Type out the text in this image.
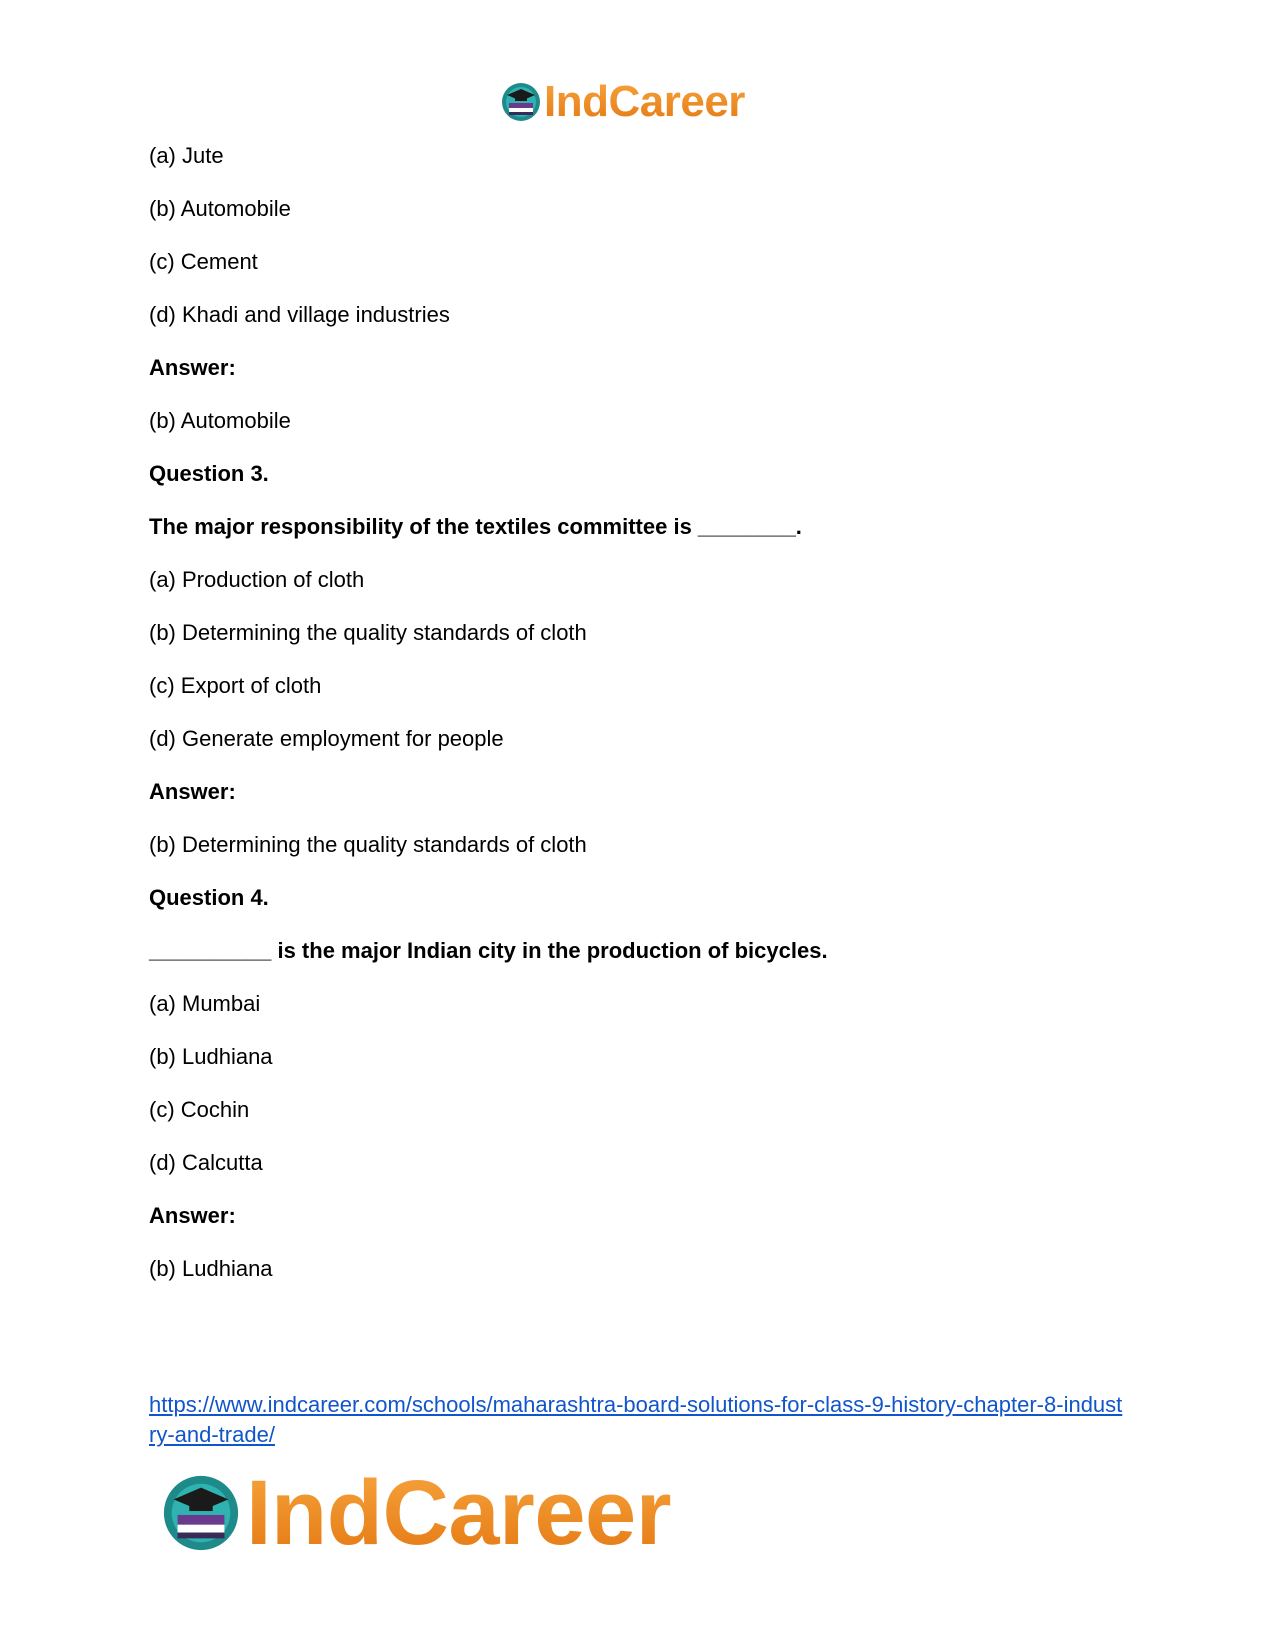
IndCareer
(a) Jute
(b) Automobile
(c) Cement
(d) Khadi and village industries
Answer:
(b) Automobile
Question 3.
The major responsibility of the textiles committee is ________.
(a) Production of cloth
(b) Determining the quality standards of cloth
(c) Export of cloth
(d) Generate employment for people
Answer:
(b) Determining the quality standards of cloth
Question 4.
__________ is the major Indian city in the production of bicycles.
(a) Mumbai
(b) Ludhiana
(c) Cochin
(d) Calcutta
Answer:
(b) Ludhiana
https://www.indcareer.com/schools/maharashtra-board-solutions-for-class-9-history-chapter-8-industry-and-trade/
IndCareer
